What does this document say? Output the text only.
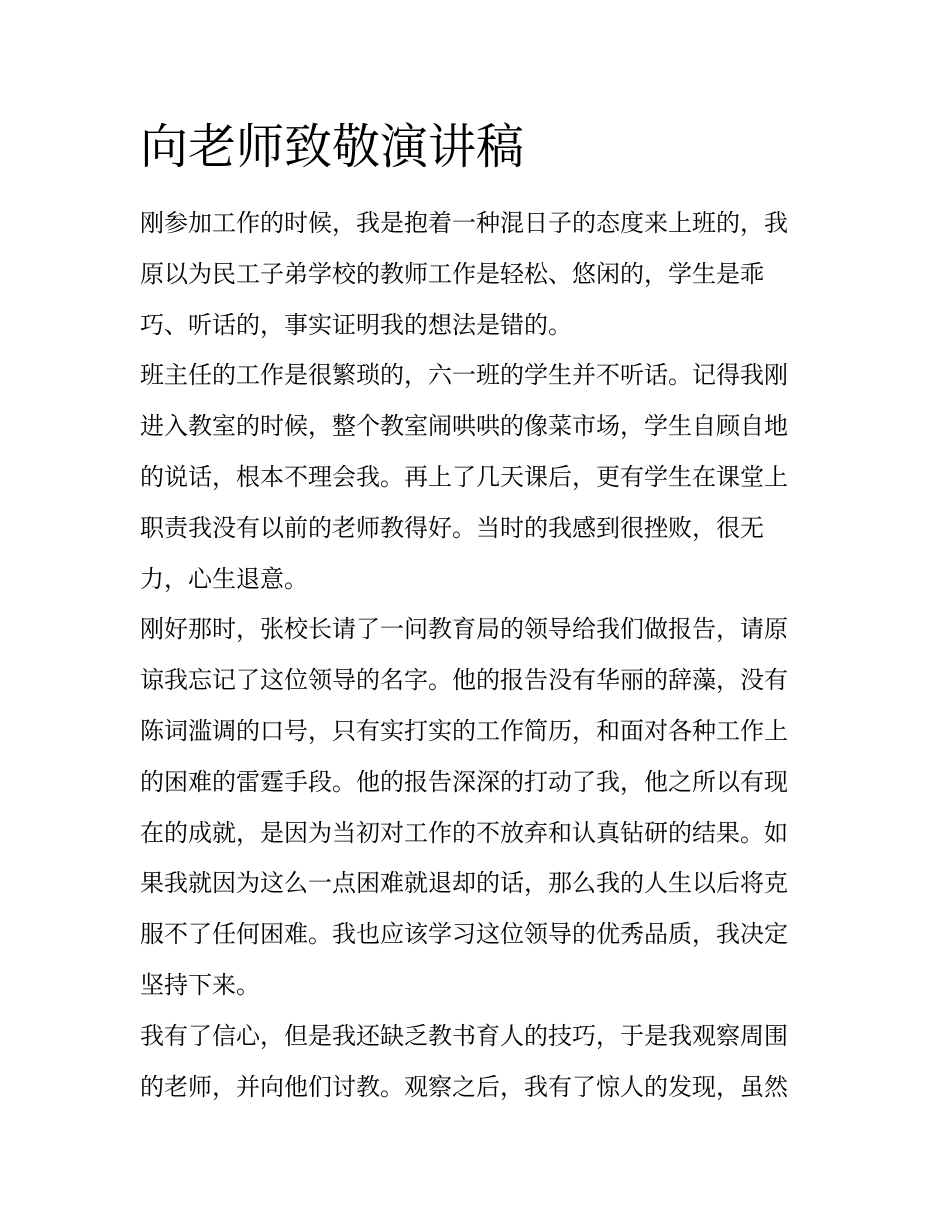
向老师致敬演讲稿
刚参加工作的时候，我是抱着一种混日子的态度来上班的，我
原以为民工子弟学校的教师工作是轻松、悠闲的，学生是乖
巧、听话的，事实证明我的想法是错的。
班主任的工作是很繁琐的，六一班的学生并不听话。记得我刚
进入教室的时候，整个教室闹哄哄的像菜市场，学生自顾自地
的说话，根本不理会我。再上了几天课后，更有学生在课堂上
职责我没有以前的老师教得好。当时的我感到很挫败，很无
力，心生退意。
刚好那时，张校长请了一问教育局的领导给我们做报告，请原
谅我忘记了这位领导的名字。他的报告没有华丽的辞藻，没有
陈词滥调的口号，只有实打实的工作简历，和面对各种工作上
的困难的雷霆手段。他的报告深深的打动了我，他之所以有现
在的成就，是因为当初对工作的不放弃和认真钻研的结果。如
果我就因为这么一点困难就退却的话，那么我的人生以后将克
服不了任何困难。我也应该学习这位领导的优秀品质，我决定
坚持下来。
我有了信心，但是我还缺乏教书育人的技巧，于是我观察周围
的老师，并向他们讨教。观察之后，我有了惊人的发现，虽然
